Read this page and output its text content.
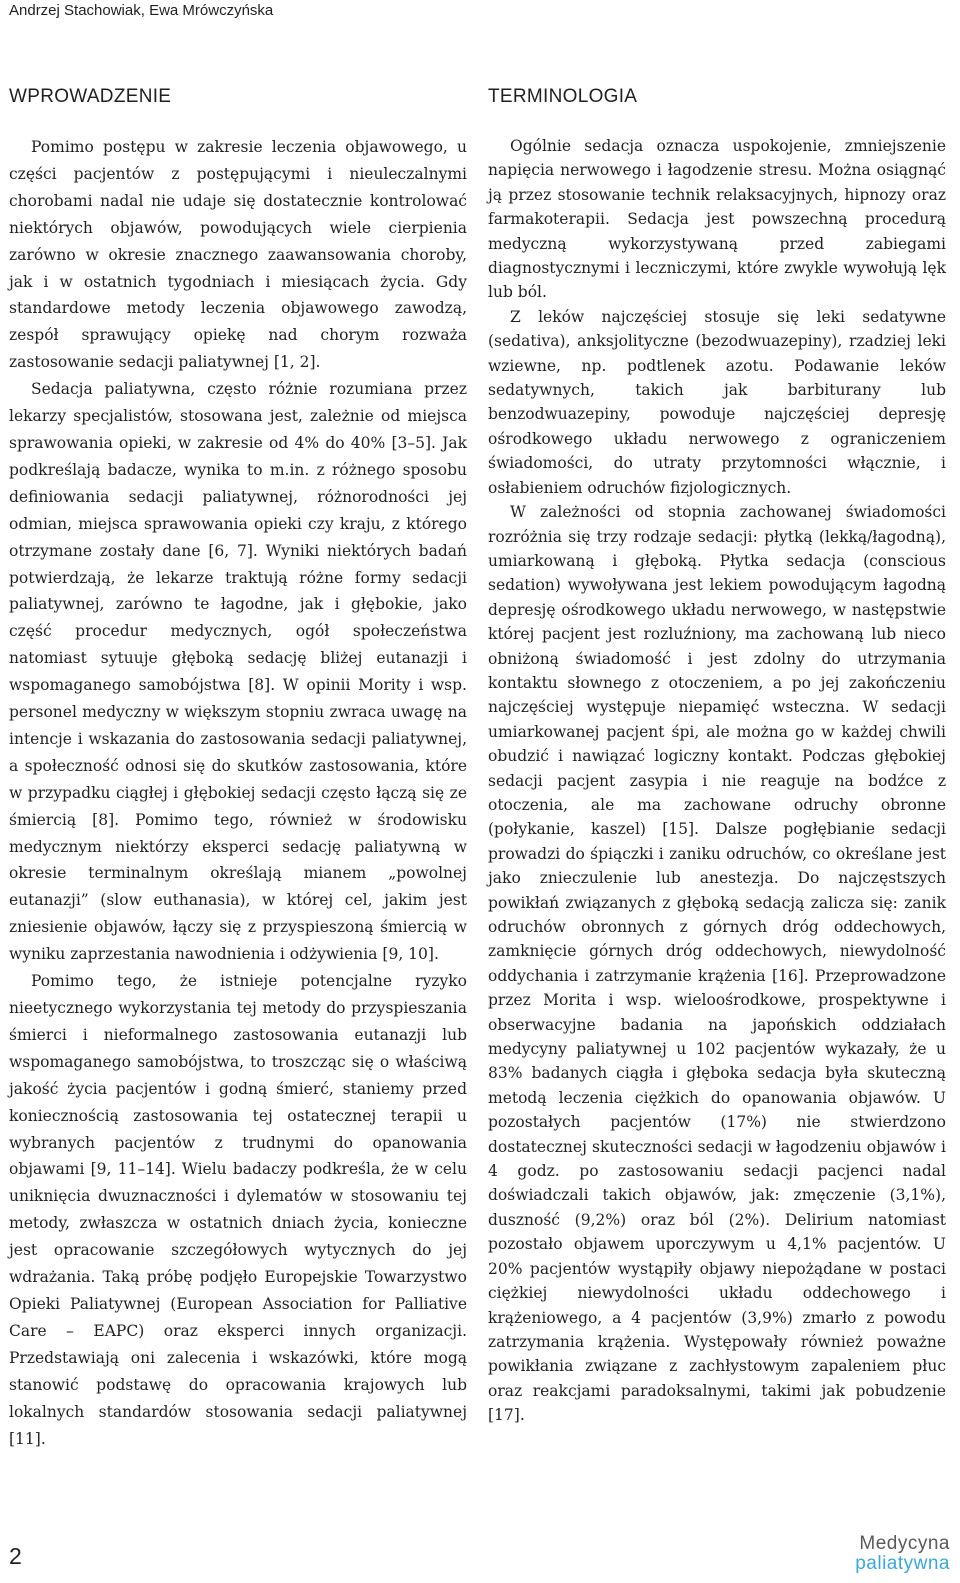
Andrzej Stachowiak, Ewa Mrówczyńska
WPROWADZENIE

Pomimo postępu w zakresie leczenia objawowego, u części pacjentów z postępującymi i nieuleczalnymi chorobami nadal nie udaje się dostatecznie kontrolować niektórych objawów, powodujących wiele cierpienia zarówno w okresie znacznego zaawansowania choroby, jak i w ostatnich tygodniach i miesiącach życia. Gdy standardowe metody leczenia objawowego zawodzą, zespół sprawujący opiekę nad chorym rozważa zastosowanie sedacji paliatywnej [1, 2].

Sedacja paliatywna, często różnie rozumiana przez lekarzy specjalistów, stosowana jest, zależnie od miejsca sprawowania opieki, w zakresie od 4% do 40% [3–5]. Jak podkreślają badacze, wynika to m.in. z różnego sposobu definiowania sedacji paliatywnej, różnorodności jej odmian, miejsca sprawowania opieki czy kraju, z którego otrzymane zostały dane [6, 7]. Wyniki niektórych badań potwierdzają, że lekarze traktują różne formy sedacji paliatywnej, zarówno te łagodne, jak i głębokie, jako część procedur medycznych, ogół społeczeństwa natomiast sytuuje głęboką sedację bliżej eutanazji i wspomaganego samobójstwa [8]. W opinii Mority i wsp. personel medyczny w większym stopniu zwraca uwagę na intencje i wskazania do zastosowania sedacji paliatywnej, a społeczność odnosi się do skutków zastosowania, które w przypadku ciągłej i głębokiej sedacji często łączą się ze śmiercią [8]. Pomimo tego, również w środowisku medycznym niektórzy eksperci sedację paliatywną w okresie terminalnym określają mianem „powolnej eutanazji” (slow euthanasia), w której cel, jakim jest zniesienie objawów, łączy się z przyspieszoną śmiercią w wyniku zaprzestania nawodnienia i odżywienia [9, 10].

Pomimo tego, że istnieje potencjalne ryzyko nieetycznego wykorzystania tej metody do przyspieszania śmierci i nieformalnego zastosowania eutanazji lub wspomaganego samobójstwa, to troszcząc się o właściwą jakość życia pacjentów i godną śmierć, staniemy przed koniecznością zastosowania tej ostatecznej terapii u wybranych pacjentów z trudnymi do opanowania objawami [9, 11–14]. Wielu badaczy podkreśla, że w celu uniknięcia dwuznaczności i dylematów w stosowaniu tej metody, zwłaszcza w ostatnich dniach życia, konieczne jest opracowanie szczegółowych wytycznych do jej wdrażania. Taką próbę podjęło Europejskie Towarzystwo Opieki Paliatywnej (European Association for Palliative Care – EAPC) oraz eksperci innych organizacji. Przedstawiają oni zalecenia i wskazówki, które mogą stanowić podstawę do opracowania krajowych lub lokalnych standardów stosowania sedacji paliatywnej [11].

TERMINOLOGIA

Ogólnie sedacja oznacza uspokojenie, zmniejszenie napięcia nerwowego i łagodzenie stresu. Można osiągnąć ją przez stosowanie technik relaksacyjnych, hipnozy oraz farmakoterapii. Sedacja jest powszechną procedurą medyczną wykorzystywaną przed zabiegami diagnostycznymi i leczniczymi, które zwykle wywołują lęk lub ból.

Z leków najczęściej stosuje się leki sedatywne (sedativa), anksjolityczne (bezodwuazepiny), rzadziej leki wziewne, np. podtlenek azotu. Podawanie leków sedatywnych, takich jak barbiturany lub benzodwuazepiny, powoduje najczęściej depresję ośrodkowego układu nerwowego z ograniczeniem świadomości, do utraty przytomności włącznie, i osłabieniem odruchów fizjologicznych.

W zależności od stopnia zachowanej świadomości rozróżnia się trzy rodzaje sedacji: płytką (lekką/łagodną), umiarkowaną i głęboką. Płytka sedacja (conscious sedation) wywoływana jest lekiem powodującym łagodną depresję ośrodkowego układu nerwowego, w następstwie której pacjent jest rozluźniony, ma zachowaną lub nieco obniżoną świadomość i jest zdolny do utrzymania kontaktu słownego z otoczeniem, a po jej zakończeniu najczęściej występuje niepamięć wsteczna. W sedacji umiarkowanej pacjent śpi, ale można go w każdej chwili obudzić i nawiązać logiczny kontakt. Podczas głębokiej sedacji pacjent zasypia i nie reaguje na bodźce z otoczenia, ale ma zachowane odruchy obronne (połykanie, kaszel) [15]. Dalsze pogłębianie sedacji prowadzi do śpiączki i zaniku odruchów, co określane jest jako znieczulenie lub anestezja. Do najczęstszych powikłań związanych z głęboką sedacją zalicza się: zanik odruchów obronnych z górnych dróg oddechowych, zamknięcie górnych dróg oddechowych, niewydolność oddychania i zatrzymanie krążenia [16]. Przeprowadzone przez Morita i wsp. wieloośrodkowe, prospektywne i obserwacyjne badania na japońskich oddziałach medycyny paliatywnej u 102 pacjentów wykazały, że u 83% badanych ciągła i głęboka sedacja była skuteczną metodą leczenia ciężkich do opanowania objawów. U pozostałych pacjentów (17%) nie stwierdzono dostatecznej skuteczności sedacji w łagodzeniu objawów i 4 godz. po zastosowaniu sedacji pacjenci nadal doświadczali takich objawów, jak: zmęczenie (3,1%), duszność (9,2%) oraz ból (2%). Delirium natomiast pozostało objawem uporczywym u 4,1% pacjentów. U 20% pacjentów wystąpiły objawy niepożądane w postaci ciężkiej niewydolności układu oddechowego i krążeniowego, a 4 pacjentów (3,9%) zmarło z powodu zatrzymania krążenia. Występowały również poważne powikłania związane z zachłystowym zapaleniem płuc oraz reakcjami paradoksalnymi, takimi jak pobudzenie [17].

2	Medycyna
paliatywna
